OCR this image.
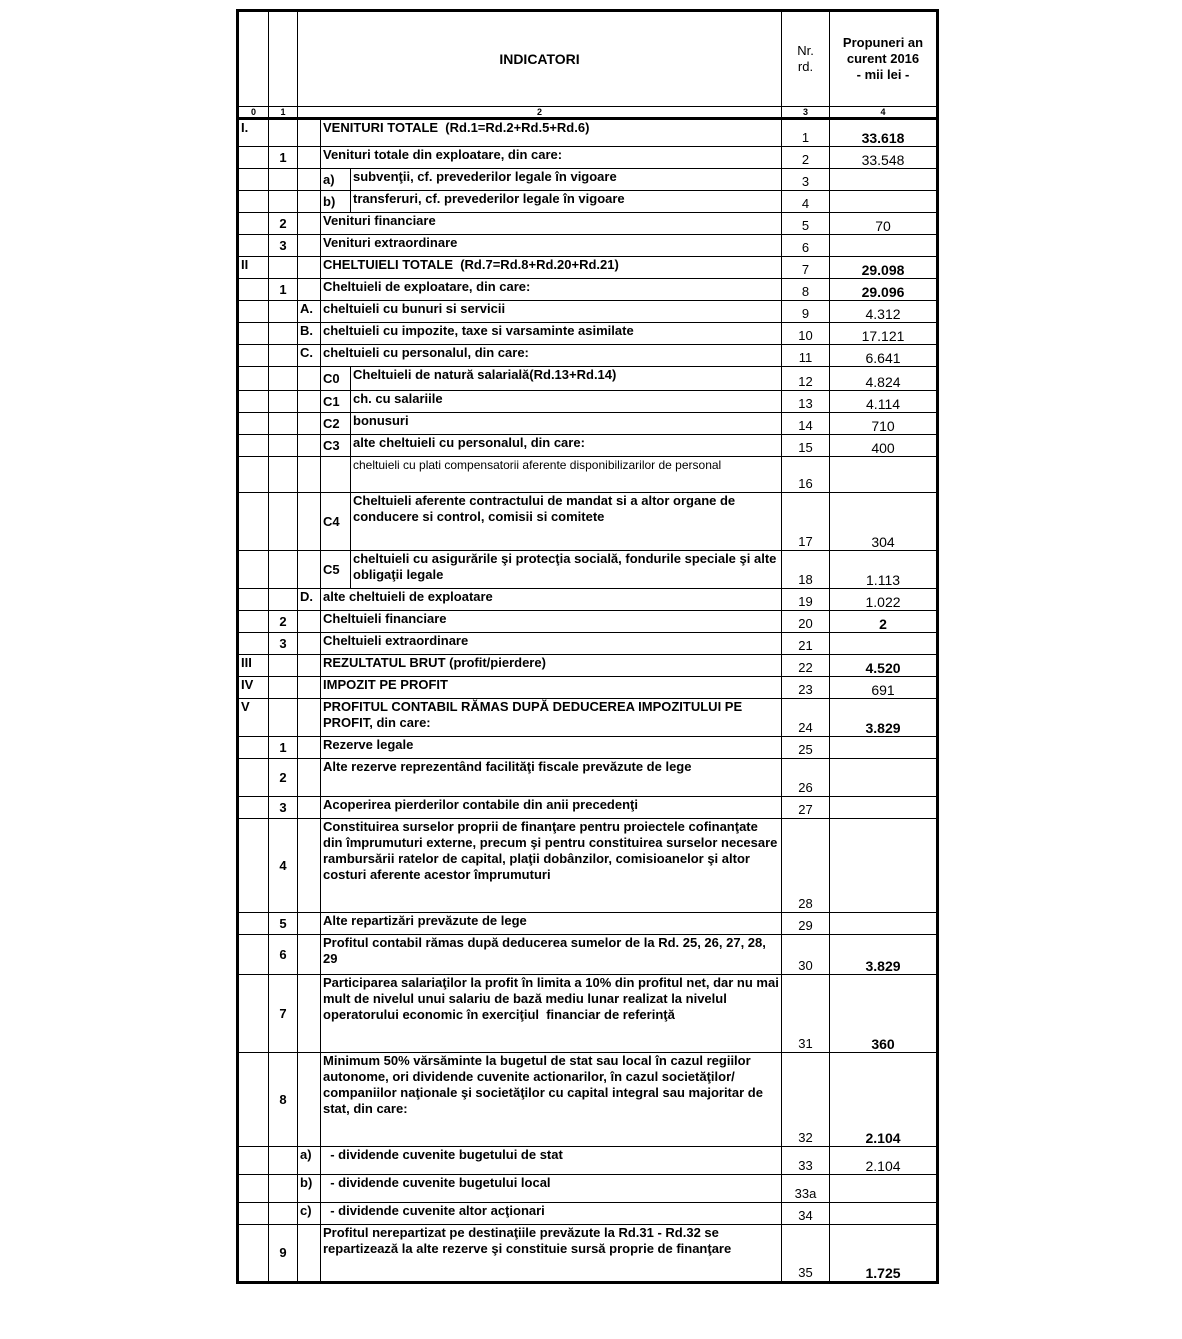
		INDICATORI			Nr.
rd.	Propuneri an curent 2016
- mii lei -
0	1	2			3	4
I.			VENITURI TOTALE  (Rd.1=Rd.2+Rd.5+Rd.6)		1	33.618
	1		Venituri totale din exploatare, din care:		2	33.548
			a)	subvenţii, cf. prevederilor legale în vigoare	3	
			b)	transferuri, cf. prevederilor legale în vigoare	4	
	2		Venituri financiare		5	70
	3		Venituri extraordinare		6	
II			CHELTUIELI TOTALE  (Rd.7=Rd.8+Rd.20+Rd.21)		7	29.098
	1		Cheltuieli de exploatare, din care:		8	29.096
		A.	cheltuieli cu bunuri si servicii		9	4.312
		B.	cheltuieli cu impozite, taxe si varsaminte asimilate		10	17.121
		C.	cheltuieli cu personalul, din care:		11	6.641
			C0	Cheltuieli de natură salarială(Rd.13+Rd.14)	12	4.824
			C1	ch. cu salariile	13	4.114
			C2	bonusuri	14	710
			C3	alte cheltuieli cu personalul, din care:	15	400
				cheltuieli cu plati compensatorii aferente disponibilizarilor de personal	16	
			C4	Cheltuieli aferente contractului de mandat si a altor organe de conducere si control, comisii si comitete	17	304
			C5	cheltuieli cu asigurările şi protecţia socială, fondurile speciale şi alte obligaţii legale	18	1.113
		D.	alte cheltuieli de exploatare		19	1.022
	2		Cheltuieli financiare		20	2
	3		Cheltuieli extraordinare		21	
III			REZULTATUL BRUT (profit/pierdere)		22	4.520
IV			IMPOZIT PE PROFIT		23	691
V			PROFITUL CONTABIL RĂMAS DUPĂ DEDUCEREA IMPOZITULUI PE PROFIT, din care:		24	3.829
	1		Rezerve legale		25	
	2		Alte rezerve reprezentând facilităţi fiscale prevăzute de lege		26	
	3		Acoperirea pierderilor contabile din anii precedenţi		27	
	4		Constituirea surselor proprii de finanţare pentru proiectele cofinanţate din împrumuturi externe, precum şi pentru constituirea surselor necesare rambursării ratelor de capital, plaţii dobânzilor, comisioanelor şi altor costuri aferente acestor împrumuturi		28	
	5		Alte repartizări prevăzute de lege		29	
	6		Profitul contabil rămas după deducerea sumelor de la Rd. 25, 26, 27, 28, 29		30	3.829
	7		Participarea salariaţilor la profit în limita a 10% din profitul net, dar nu mai mult de nivelul unui salariu de bază mediu lunar realizat la nivelul operatorului economic în exerciţiul  financiar de referinţă		31	360
	8		Minimum 50% vărsăminte la bugetul de stat sau local în cazul regiilor autonome, ori dividende cuvenite actionarilor, în cazul societăţilor/ companiilor naţionale şi societăţilor cu capital integral sau majoritar de stat, din care:		32	2.104
		a)	- dividende cuvenite bugetului de stat		33	2.104
		b)	- dividende cuvenite bugetului local		33a	
		c)	- dividende cuvenite altor acţionari		34	
	9		Profitul nerepartizat pe destinaţiile prevăzute la Rd.31 - Rd.32 se repartizează la alte rezerve şi constituie sursă proprie de finanţare		35	1.725
